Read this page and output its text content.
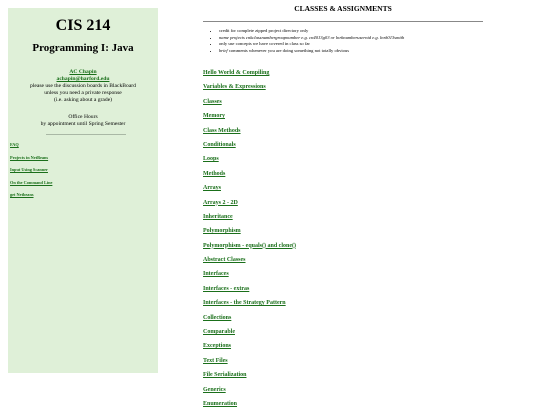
CIS 214
Programming I: Java
AC Chapin
achapin@harford.edu
please use the discussion boards in BlackBoard
unless you need a private response
(i.e. asking about a grade)
Office Hours
by appointment until Spring Semester
FAQ
Projects in NetBeans
Input Using Scanner
On the Command Line
get Netbeans
CLASSES & ASSIGNMENTS
• credit for complete zipped project directory only
• name projects cnkclassnumbergroupnumber e.g. cn4013g03 or lnrknumberusernid e.g. lnrk013smith
• only use concepts we have covered in class so far
• brief comments whenever you are doing something not totally obvious
Hello World & Compiling
Variables & Expressions
Classes
Memory
Class Methods
Conditionals
Loops
Methods
Arrays
Arrays 2 - 2D
Inheritance
Polymorphism
Polymorphism - equals() and clone()
Abstract Classes
Interfaces
Interfaces - extras
Interfaces - the Strategy Pattern
Collections
Comparable
Exceptions
Text Files
File Serialization
Generics
Enumeration
